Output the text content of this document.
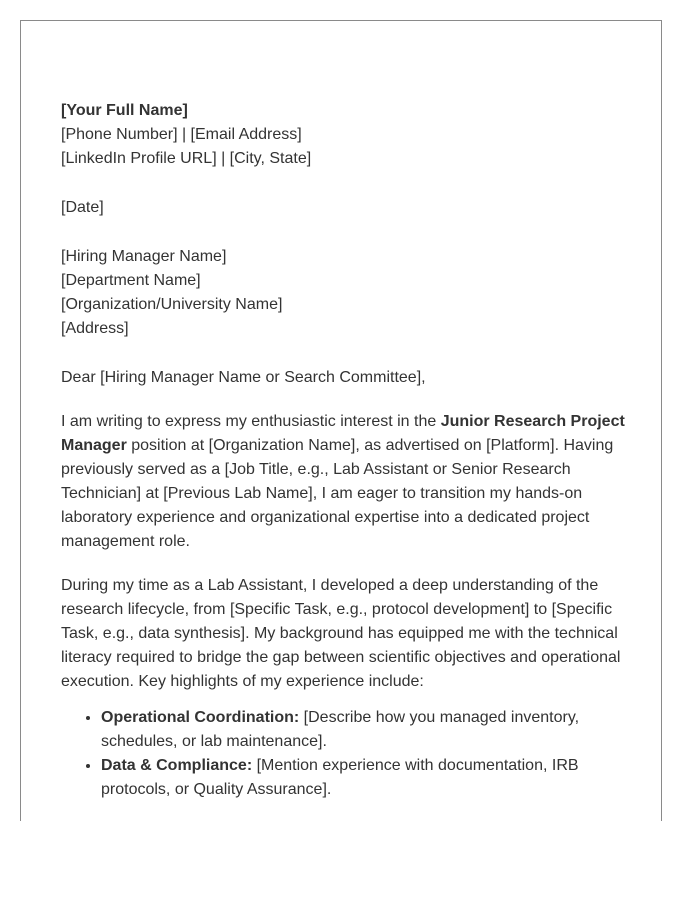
[Your Full Name]
[Phone Number] | [Email Address]
[LinkedIn Profile URL] | [City, State]
[Date]
[Hiring Manager Name]
[Department Name]
[Organization/University Name]
[Address]
Dear [Hiring Manager Name or Search Committee],

I am writing to express my enthusiastic interest in the Junior Research Project Manager position at [Organization Name], as advertised on [Platform]. Having previously served as a [Job Title, e.g., Lab Assistant or Senior Research Technician] at [Previous Lab Name], I am eager to transition my hands-on laboratory experience and organizational expertise into a dedicated project management role.

During my time as a Lab Assistant, I developed a deep understanding of the research lifecycle, from [Specific Task, e.g., protocol development] to [Specific Task, e.g., data synthesis]. My background has equipped me with the technical literacy required to bridge the gap between scientific objectives and operational execution. Key highlights of my experience include:

• Operational Coordination: [Describe how you managed inventory, schedules, or lab maintenance].
• Data & Compliance: [Mention experience with documentation, IRB protocols, or Quality Assurance].
